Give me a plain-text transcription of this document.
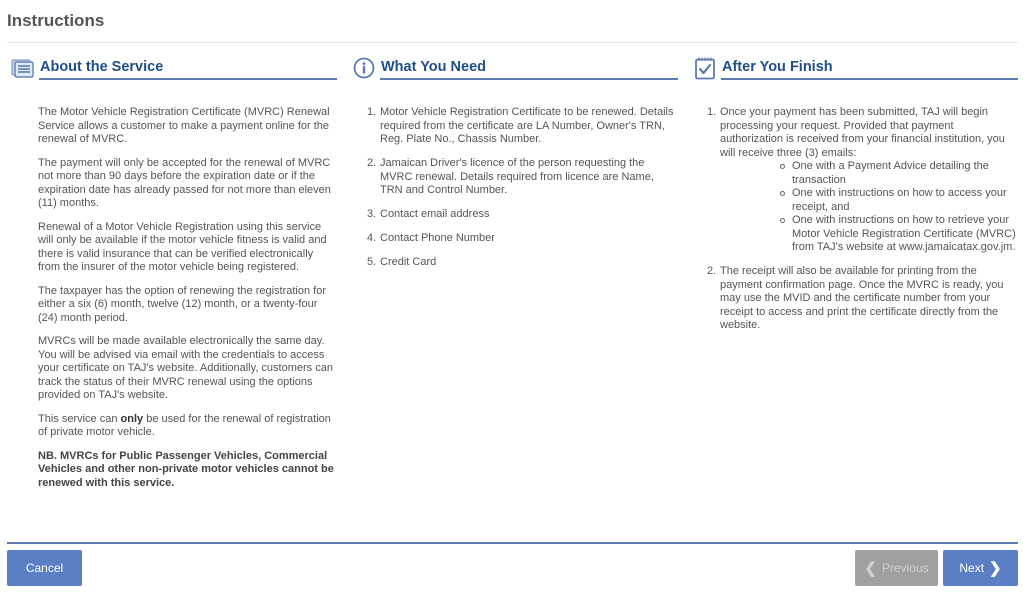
Instructions
About the Service

The Motor Vehicle Registration Certificate (MVRC) Renewal Service allows a customer to make a payment online for the renewal of MVRC.

The payment will only be accepted for the renewal of MVRC not more than 90 days before the expiration date or if the expiration date has already passed for not more than eleven (11) months.

Renewal of a Motor Vehicle Registration using this service will only be available if the motor vehicle fitness is valid and there is valid insurance that can be verified electronically from the insurer of the motor vehicle being registered.

The taxpayer has the option of renewing the registration for either a six (6) month, twelve (12) month, or a twenty-four (24) month period.

MVRCs will be made available electronically the same day. You will be advised via email with the credentials to access your certificate on TAJ's website. Additionally, customers can track the status of their MVRC renewal using the options provided on TAJ's website.

This service can only be used for the renewal of registration of private motor vehicle.

NB. MVRCs for Public Passenger Vehicles, Commercial Vehicles and other non-private motor vehicles cannot be renewed with this service.

What You Need
1. Motor Vehicle Registration Certificate to be renewed. Details required from the certificate are LA Number, Owner's TRN, Reg. Plate No., Chassis Number.
2. Jamaican Driver's licence of the person requesting the MVRC renewal. Details required from licence are Name, TRN and Control Number.
3. Contact email address
4. Contact Phone Number
5. Credit Card
After You Finish
1. Once your payment has been submitted, TAJ will begin processing your request. Provided that payment authorization is received from your financial institution, you will receive three (3) emails:
One with a Payment Advice detailing the transaction
One with instructions on how to access your receipt, and
One with instructions on how to retrieve your Motor Vehicle Registration Certificate (MVRC) from TAJ's website at www.jamaicatax.gov.jm.
2. The receipt will also be available for printing from the payment confirmation page. Once the MVRC is ready, you may use the MVID and the certificate number from your receipt to access and print the certificate directly from the website.
Cancel	❮ Previous	Next ❯
